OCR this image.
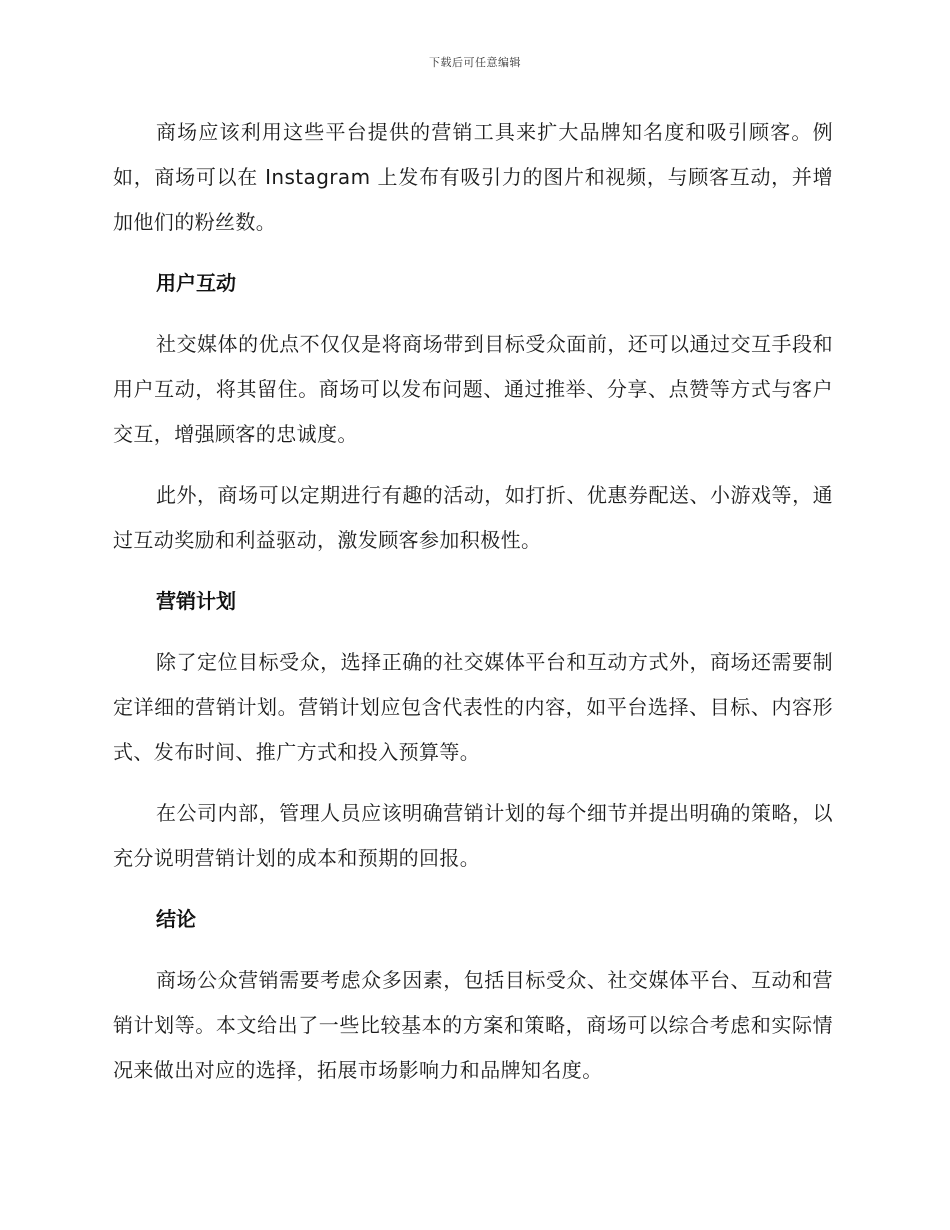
下载后可任意编辑

商场应该利用这些平台提供的营销工具来扩大品牌知名度和吸引顾客。例如，商场可以在 Instagram 上发布有吸引力的图片和视频，与顾客互动，并增加他们的粉丝数。

用户互动

社交媒体的优点不仅仅是将商场带到目标受众面前，还可以通过交互手段和用户互动，将其留住。商场可以发布问题、通过推举、分享、点赞等方式与客户交互，增强顾客的忠诚度。

此外，商场可以定期进行有趣的活动，如打折、优惠券配送、小游戏等，通过互动奖励和利益驱动，激发顾客参加积极性。

营销计划

除了定位目标受众，选择正确的社交媒体平台和互动方式外，商场还需要制定详细的营销计划。营销计划应包含代表性的内容，如平台选择、目标、内容形式、发布时间、推广方式和投入预算等。

在公司内部，管理人员应该明确营销计划的每个细节并提出明确的策略，以充分说明营销计划的成本和预期的回报。

结论

商场公众营销需要考虑众多因素，包括目标受众、社交媒体平台、互动和营销计划等。本文给出了一些比较基本的方案和策略，商场可以综合考虑和实际情况来做出对应的选择，拓展市场影响力和品牌知名度。
